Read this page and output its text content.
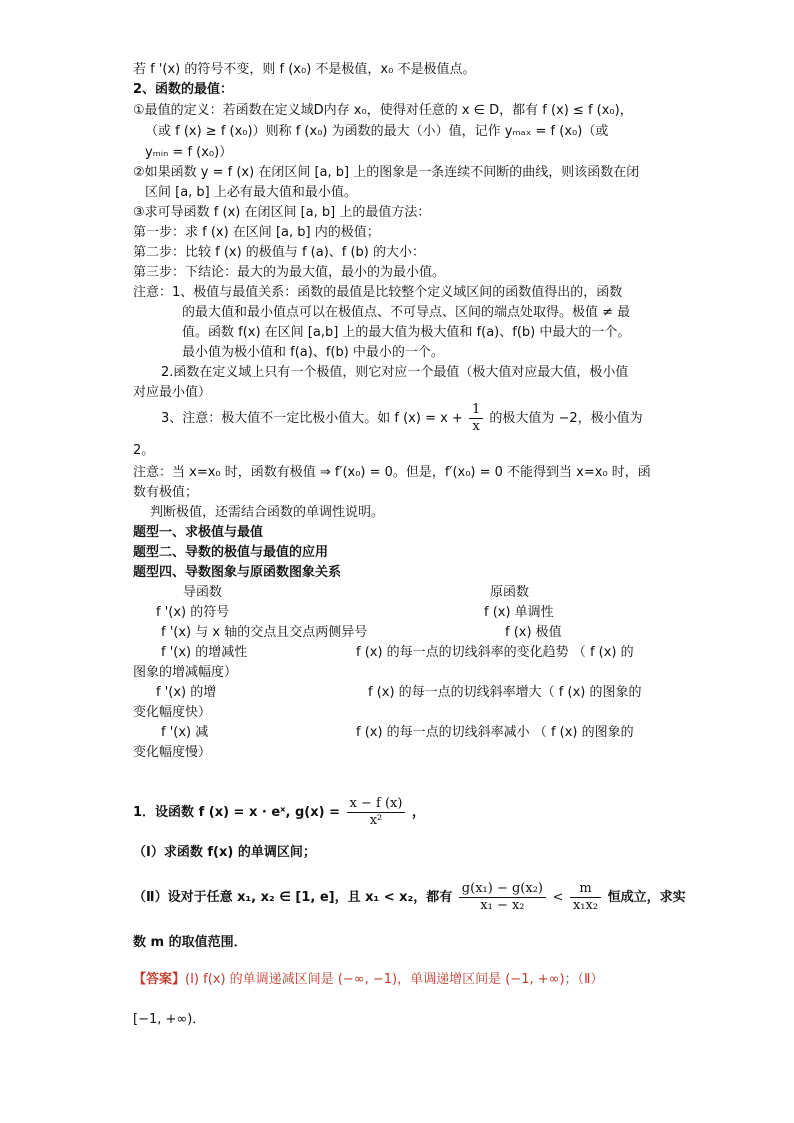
若 f '(x) 的符号不变，则 f (x₀) 不是极值，x₀ 不是极值点。
2、函数的最值：
①最值的定义：若函数在定义域D内存 x₀，使得对任意的 x ∈ D，都有 f (x) ≤ f (x₀)，
（或 f (x) ≥ f (x₀)）则称 f (x₀) 为函数的最大（小）值，记作 yₘₐₓ = f (x₀)（或
yₘᵢₙ = f (x₀)）
②如果函数 y = f (x) 在闭区间 [a, b] 上的图象是一条连续不间断的曲线，则该函数在闭
区间 [a, b] 上必有最大值和最小值。
③求可导函数 f (x) 在闭区间 [a, b] 上的最值方法：
第一步：求 f (x) 在区间 [a, b] 内的极值；
第二步：比较 f (x) 的极值与 f (a)、f (b) 的大小：
第三步：下结论：最大的为最大值，最小的为最小值。
注意：1、极值与最值关系：函数的最值是比较整个定义域区间的函数值得出的，函数
的最大值和最小值点可以在极值点、不可导点、区间的端点处取得。极值 ≠ 最
值。函数 f(x) 在区间 [a,b] 上的最大值为极大值和 f(a)、f(b) 中最大的一个。
最小值为极小值和 f(a)、f(b) 中最小的一个。
2.函数在定义域上只有一个极值，则它对应一个最值（极大值对应最大值，极小值
对应最小值）
3、注意：极大值不一定比极小值大。如 f $(x) = x + \frac{1}{x}$ 的极大值为 −2，极小值为
2。
注意：当 x=x₀ 时，函数有极值 ⇒ f′(x₀) = 0。但是，f′(x₀) = 0 不能得到当 x=x₀ 时，函
数有极值；
判断极值，还需结合函数的单调性说明。
题型一、求极值与最值
题型二、导数的极值与最值的应用
题型四、导数图象与原函数图象关系
导函数	原函数
f '(x) 的符号	f (x) 单调性
f '(x) 与 x 轴的交点且交点两侧异号	f (x) 极值
f '(x) 的增减性	f (x) 的每一点的切线斜率的变化趋势 （ f (x) 的
图象的增减幅度）
f '(x) 的增	f (x) 的每一点的切线斜率增大（ f (x) 的图象的
变化幅度快）
f '(x) 减	f (x) 的每一点的切线斜率减小 （ f (x) 的图象的
变化幅度慢）
1．设函数 f (x) = x · eˣ, $g(x) = \frac{x - f (x)}{\text{x²}}$ ，
（I）求函数 f(x) 的单调区间；
（Ⅱ）设对于任意 x₁, x₂ ∈ [1, e]，且 x₁ < x₂，都有 $\frac{\text{g(x₁) − g(x₂)}}{\text{x₁ − x₂}} < \frac{m}{\text{x₁x₂}}$ 恒成立，求实
数 m 的取值范围．
【答案】(I) f(x) 的单调递减区间是 (−∞, −1)，单调递增区间是 (−1, +∞)；（Ⅱ）
[−1, +∞)．
